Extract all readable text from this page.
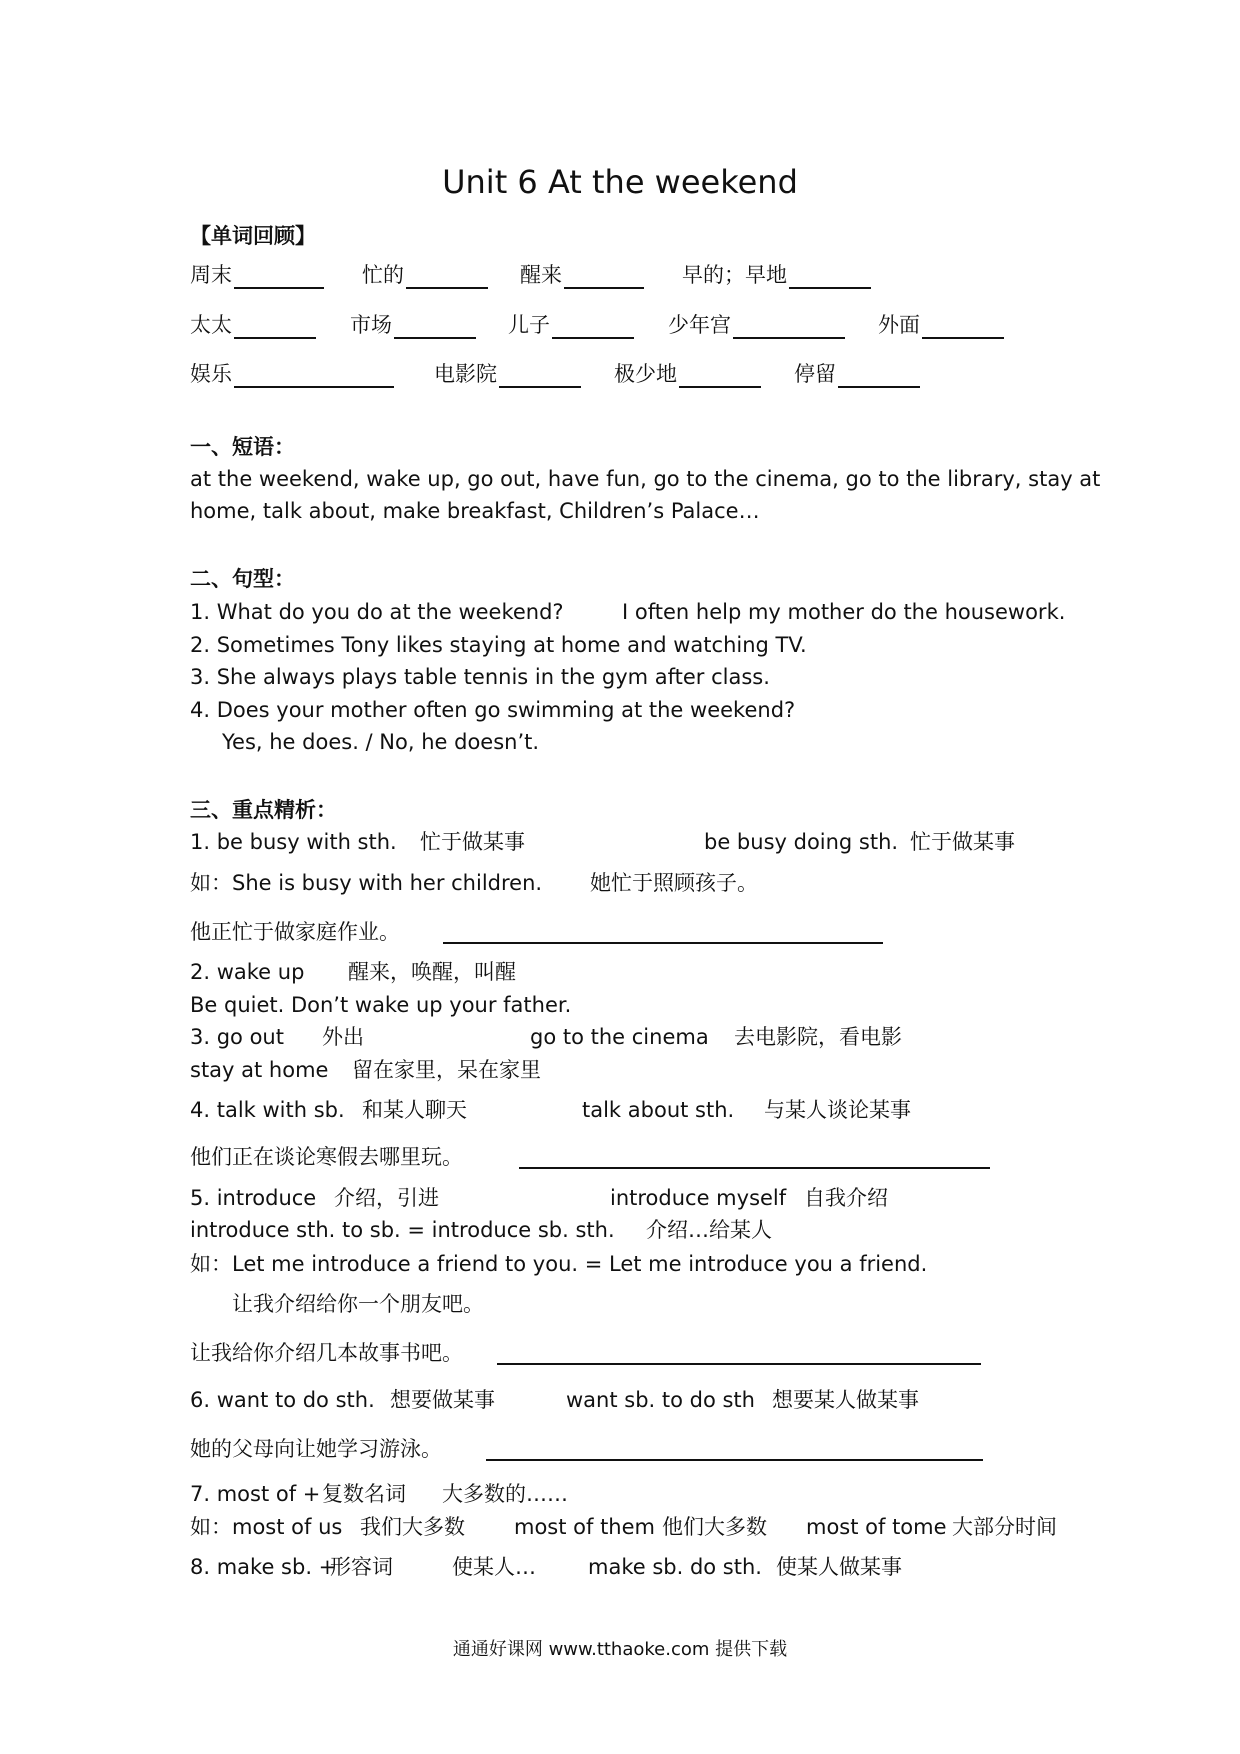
Unit 6 At the weekend
【单词回顾】
周末	忙的	醒来	早的；早地
太太	市场	儿子	少年宫	外面
娱乐	电影院	极少地	停留
一、短语：
at the weekend, wake up, go out, have fun, go to the cinema, go to the library, stay at
home, talk about, make breakfast, Children’s Palace…
二、句型：
1. What do you do at the weekend?	I often help my mother do the housework.
2. Sometimes Tony likes staying at home and watching TV.
3. She always plays table tennis in the gym after class.
4. Does your mother often go swimming at the weekend?
Yes, he does. / No, he doesn’t.
三、重点精析：
1. be busy with sth. 忙于做某事	be busy doing sth. 忙于做某事
如：She is busy with her children. 她忙于照顾孩子。
他正忙于做家庭作业。
2. wake up 醒来，唤醒，叫醒
Be quiet. Don’t wake up your father.
3. go out 外出	go to the cinema 去电影院，看电影
stay at home 留在家里，呆在家里
4. talk with sb. 和某人聊天	talk about sth. 与某人谈论某事
他们正在谈论寒假去哪里玩。
5. introduce 介绍，引进	introduce myself 自我介绍
introduce sth. to sb. = introduce sb. sth. 介绍…给某人
如：Let me introduce a friend to you. = Let me introduce you a friend.
让我介绍给你一个朋友吧。
让我给你介绍几本故事书吧。
6. want to do sth. 想要做某事	want sb. to do sth 想要某人做某事
她的父母向让她学习游泳。
7. most of + 复数名词 大多数的……
如：most of us 我们大多数 most of them 他们大多数 most of tome 大部分时间
8. make sb. +
形容词	使某人… make sb. do sth. 使某人做某事
通通好课网 www.tthaoke.com 提供下载
